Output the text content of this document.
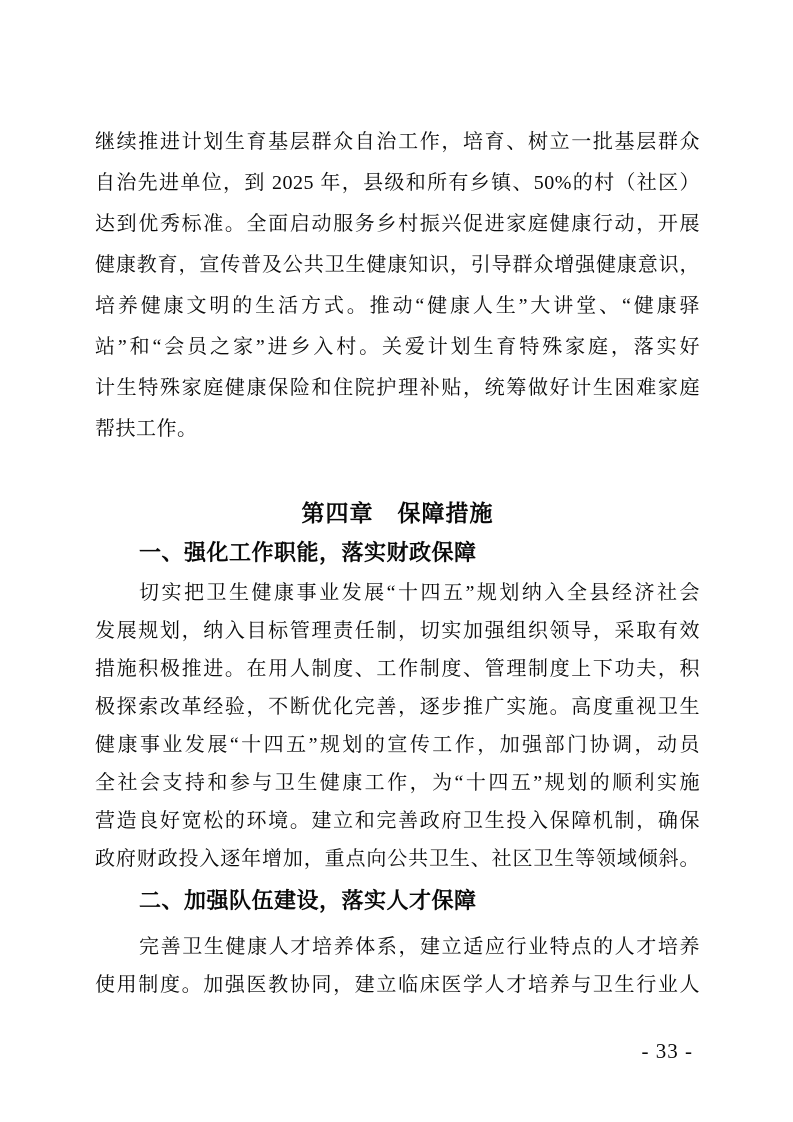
继续推进计划生育基层群众自治工作，培育、树立一批基层群众
自治先进单位，到 2025 年，县级和所有乡镇、50%的村（社区）
达到优秀标准。全面启动服务乡村振兴促进家庭健康行动，开展
健康教育，宣传普及公共卫生健康知识，引导群众增强健康意识，
培养健康文明的生活方式。推动“健康人生”大讲堂、“健康驿
站”和“会员之家”进乡入村。关爱计划生育特殊家庭，落实好
计生特殊家庭健康保险和住院护理补贴，统筹做好计生困难家庭
帮扶工作。
第四章　保障措施
一、强化工作职能，落实财政保障
切实把卫生健康事业发展“十四五”规划纳入全县经济社会
发展规划，纳入目标管理责任制，切实加强组织领导，采取有效
措施积极推进。在用人制度、工作制度、管理制度上下功夫，积
极探索改革经验，不断优化完善，逐步推广实施。高度重视卫生
健康事业发展“十四五”规划的宣传工作，加强部门协调，动员
全社会支持和参与卫生健康工作，为“十四五”规划的顺利实施
营造良好宽松的环境。建立和完善政府卫生投入保障机制，确保
政府财政投入逐年增加，重点向公共卫生、社区卫生等领域倾斜。
二、加强队伍建设，落实人才保障
完善卫生健康人才培养体系，建立适应行业特点的人才培养
使用制度。加强医教协同，建立临床医学人才培养与卫生行业人
- 33 -
